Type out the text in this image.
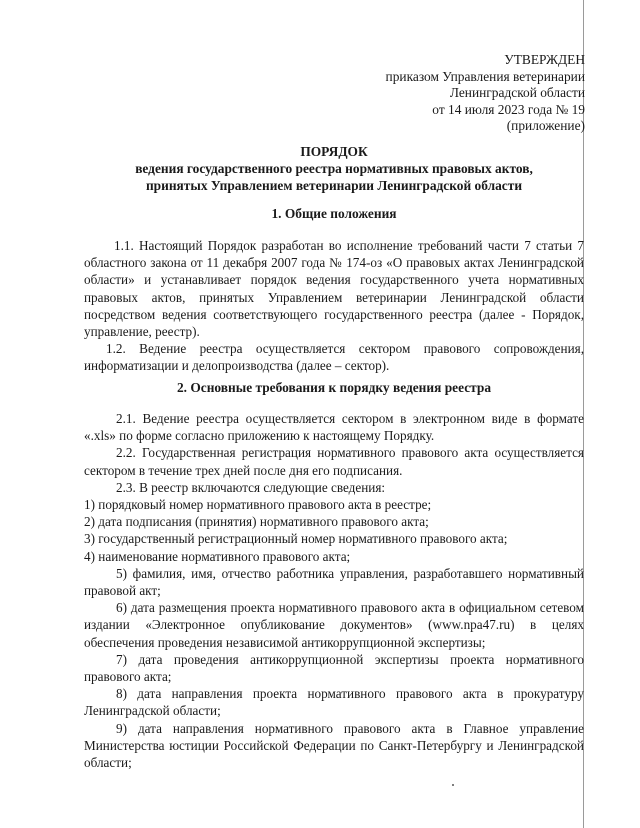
УТВЕРЖДЕН
приказом Управления ветеринарии
Ленинградской области
от 14 июля 2023 года № 19
(приложение)
ПОРЯДОК
ведения государственного реестра нормативных правовых актов,
принятых Управлением ветеринарии Ленинградской области
1. Общие положения

1.1. Настоящий Порядок разработан во исполнение требований части 7 статьи 7 областного закона от 11 декабря 2007 года № 174-оз «О правовых актах Ленинградской области» и устанавливает порядок ведения государственного учета нормативных правовых актов, принятых Управлением ветеринарии Ленинградской области посредством ведения соответствующего государственного реестра (далее - Порядок, управление, реестр).

1.2. Ведение реестра осуществляется сектором правового сопровождения, информатизации и делопроизводства (далее – сектор).

2. Основные требования к порядку ведения реестра

2.1. Ведение реестра осуществляется сектором в электронном виде в формате «.xls» по форме согласно приложению к настоящему Порядку.

2.2. Государственная регистрация нормативного правового акта осуществляется сектором в течение трех дней после дня его подписания.

2.3. В реестр включаются следующие сведения:

1) порядковый номер нормативного правового акта в реестре;

2) дата подписания (принятия) нормативного правового акта;

3) государственный регистрационный номер нормативного правового акта;

4) наименование нормативного правового акта;

5) фамилия, имя, отчество работника управления, разработавшего нормативный правовой акт;

6) дата размещения проекта нормативного правового акта в официальном сетевом издании «Электронное опубликование документов» (www.npa47.ru) в целях обеспечения проведения независимой антикоррупционной экспертизы;

7) дата проведения антикоррупционной экспертизы проекта нормативного правового акта;

8) дата направления проекта нормативного правового акта в прокуратуру Ленинградской области;

9) дата направления нормативного правового акта в Главное управление Министерства юстиции Российской Федерации по Санкт-Петербургу и Ленинградской области;
